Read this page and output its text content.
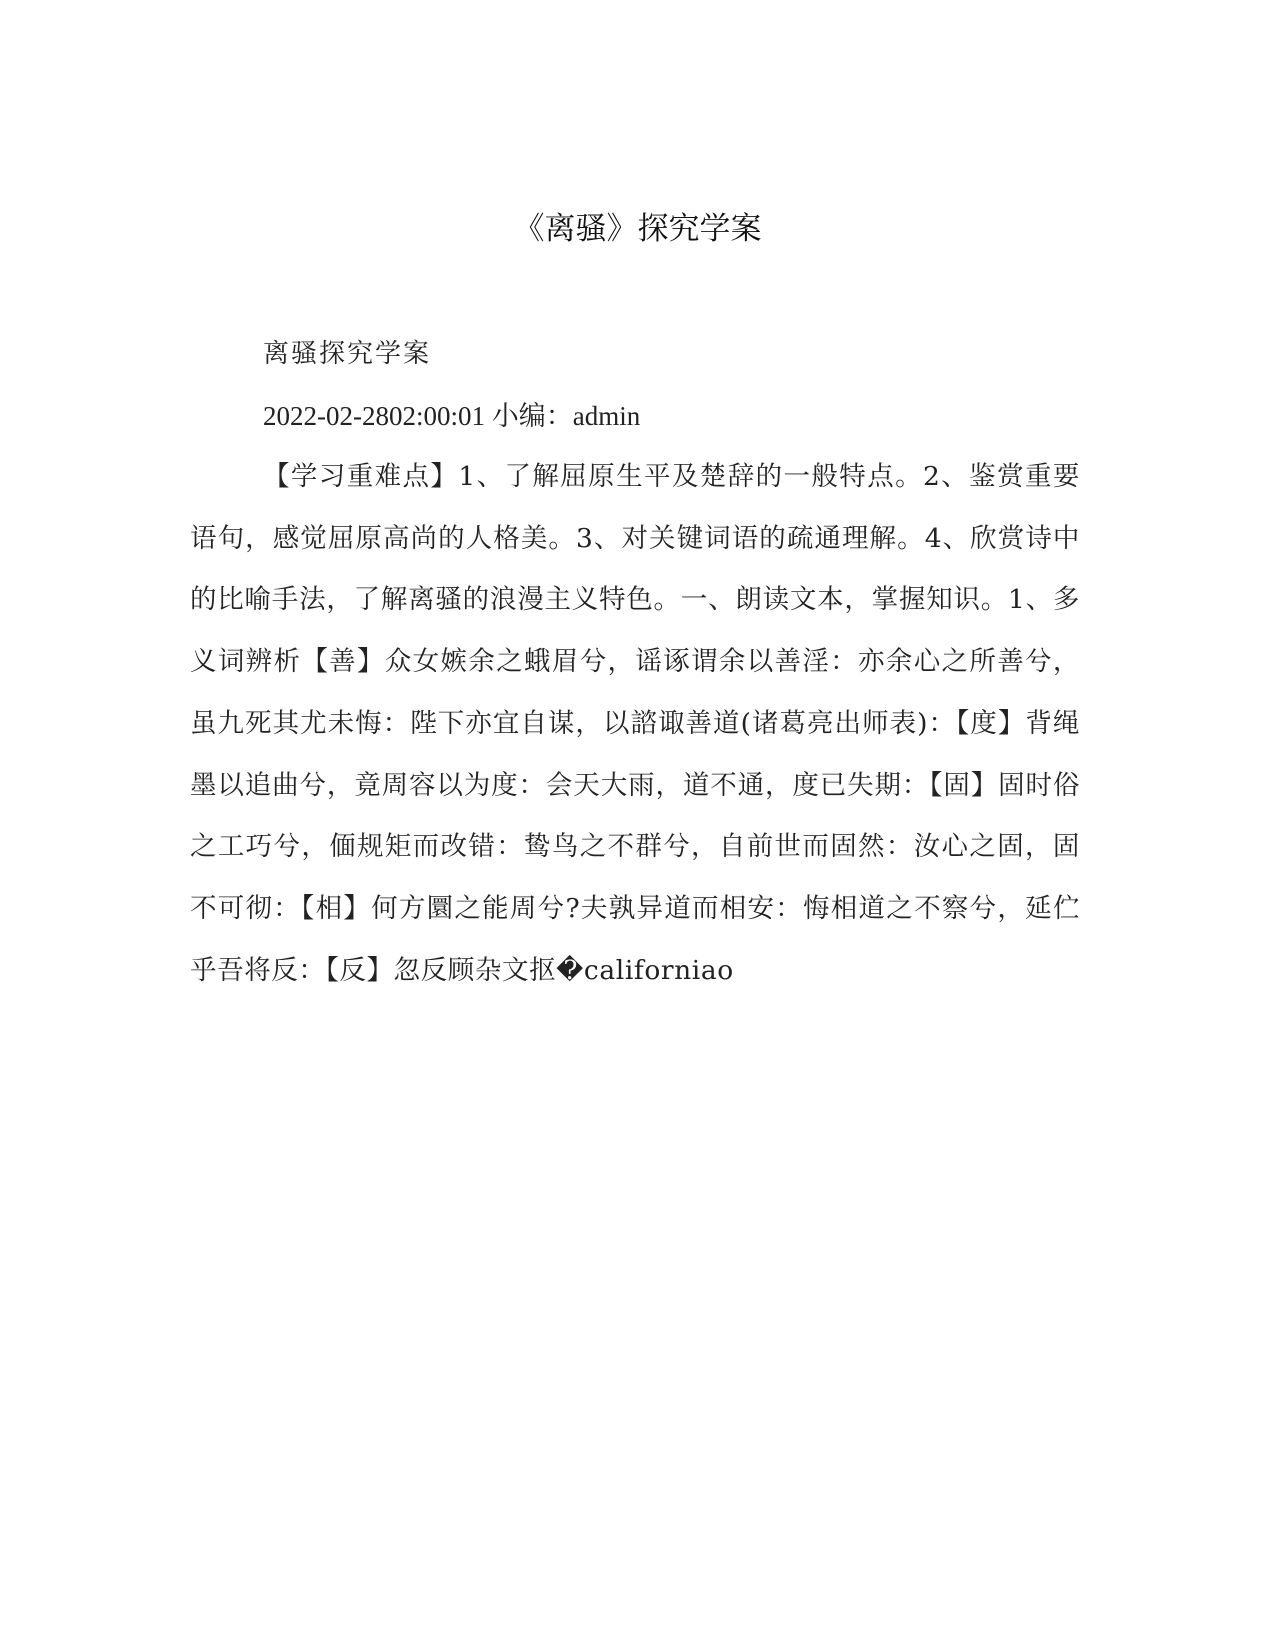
《离骚》探究学案
离骚探究学案
2022-02-2802:00:01 小编：admin
【学习重难点】1、了解屈原生平及楚辞的一般特点。2、鉴赏重要语句，感觉屈原高尚的人格美。3、对关键词语的疏通理解。4、欣赏诗中的比喻手法，了解离骚的浪漫主义特色。一、朗读文本，掌握知识。1、多义词辨析【善】众女嫉余之蛾眉兮，谣诼谓余以善淫：亦余心之所善兮，虽九死其尤未悔：陛下亦宜自谋，以諮诹善道(诸葛亮出师表)：【度】背绳墨以追曲兮，竟周容以为度：会天大雨，道不通，度已失期：【固】固时俗之工巧兮，偭规矩而改错：鸷鸟之不群兮，自前世而固然：汝心之固，固不可彻：【相】何方圜之能周兮?夫孰异道而相安：悔相道之不察兮，延伫乎吾将反：【反】忽反顾杂文抠�californiaо
